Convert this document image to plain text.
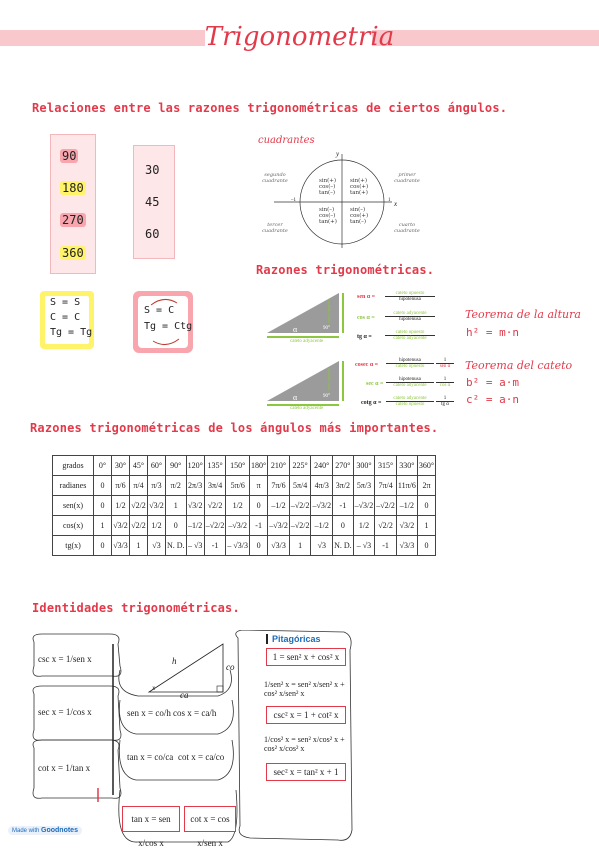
Trigonometria
Relaciones entre las razones trigonométricas de ciertos ángulos.
90
180
270
360
30
45
60
S = S
C = C
Tg = Tg
S = C
Tg = Ctg
cuadrantes
y
x
1
–1
segundo cuadrante
primer cuadrante
tercer cuadrante
cuarto cuadrante
sin(+)
cos(–)
tan(–)
sin(+)
cos(+)
tan(+)
sin(–)
cos(–)
tan(+)
sin(–)
cos(+)
tan(–)
Razones trigonométricas.
hipotenusa	cateto opuesto
cateto adyacente
α	90°
sen α =
cateto opuesto
hipotenusa
cos α =
cateto adyacente
hipotenusa
tg α =
cateto opuesto
cateto adyacente
hipotenusa	cateto opuesto
cateto adyacente
α	90°
cosec α =
hipotenusa
cateto opuesto
1
sen α
sec α =
hipotenusa
cateto adyacente
1
cos α
cotg α =
cateto adyacente
cateto opuesto
1
tg α
Teorema de la altura
h² = m·n
Teorema del cateto
b² = a·m
c² = a·n
Razones trigonométricas de los ángulos más importantes.
grados	0°	30°	45°	60°	90°	120°	135°	150°	180°	210°	225°	240°	270°	300°	315°	330°	360°
radianes	0	π/6	π/4	π/3	π/2	2π/3	3π/4	5π/6	π	7π/6	5π/4	4π/3	3π/2	5π/3	7π/4	11π/6	2π
sen(x)	0	1/2	√2/2	√3/2	1	√3/2	√2/2	1/2	0	–1/2	–√2/2	–√3/2	-1	–√3/2	–√2/2	–1/2	0
cos(x)	1	√3/2	√2/2	1/2	0	–1/2	–√2/2	–√3/2	-1	–√3/2	–√2/2	–1/2	0	1/2	√2/2	√3/2	1
tg(x)	0	√3/3	1	√3	N. D.	– √3	-1	– √3/3	0	√3/3	1	√3	N. D.	– √3	-1	√3/3	0
Identidades trigonométricas.
csc x = 1/sen x
sec x = 1/cos x
cot x = 1/tan x
h
co
ca
x
sen x = co/h cos x = ca/h
tan x = co/ca cot x = ca/co
tan x = sen x/cos x
cot x = cos x/sen x
Pitagóricas
1 = sen² x + cos² x
1/sen² x = sen² x/sen² x + cos² x/sen² x
csc² x = 1 + cot² x
1/cos² x = sen² x/cos² x + cos² x/cos² x
sec² x = tan² x + 1
Made with Goodnotes
